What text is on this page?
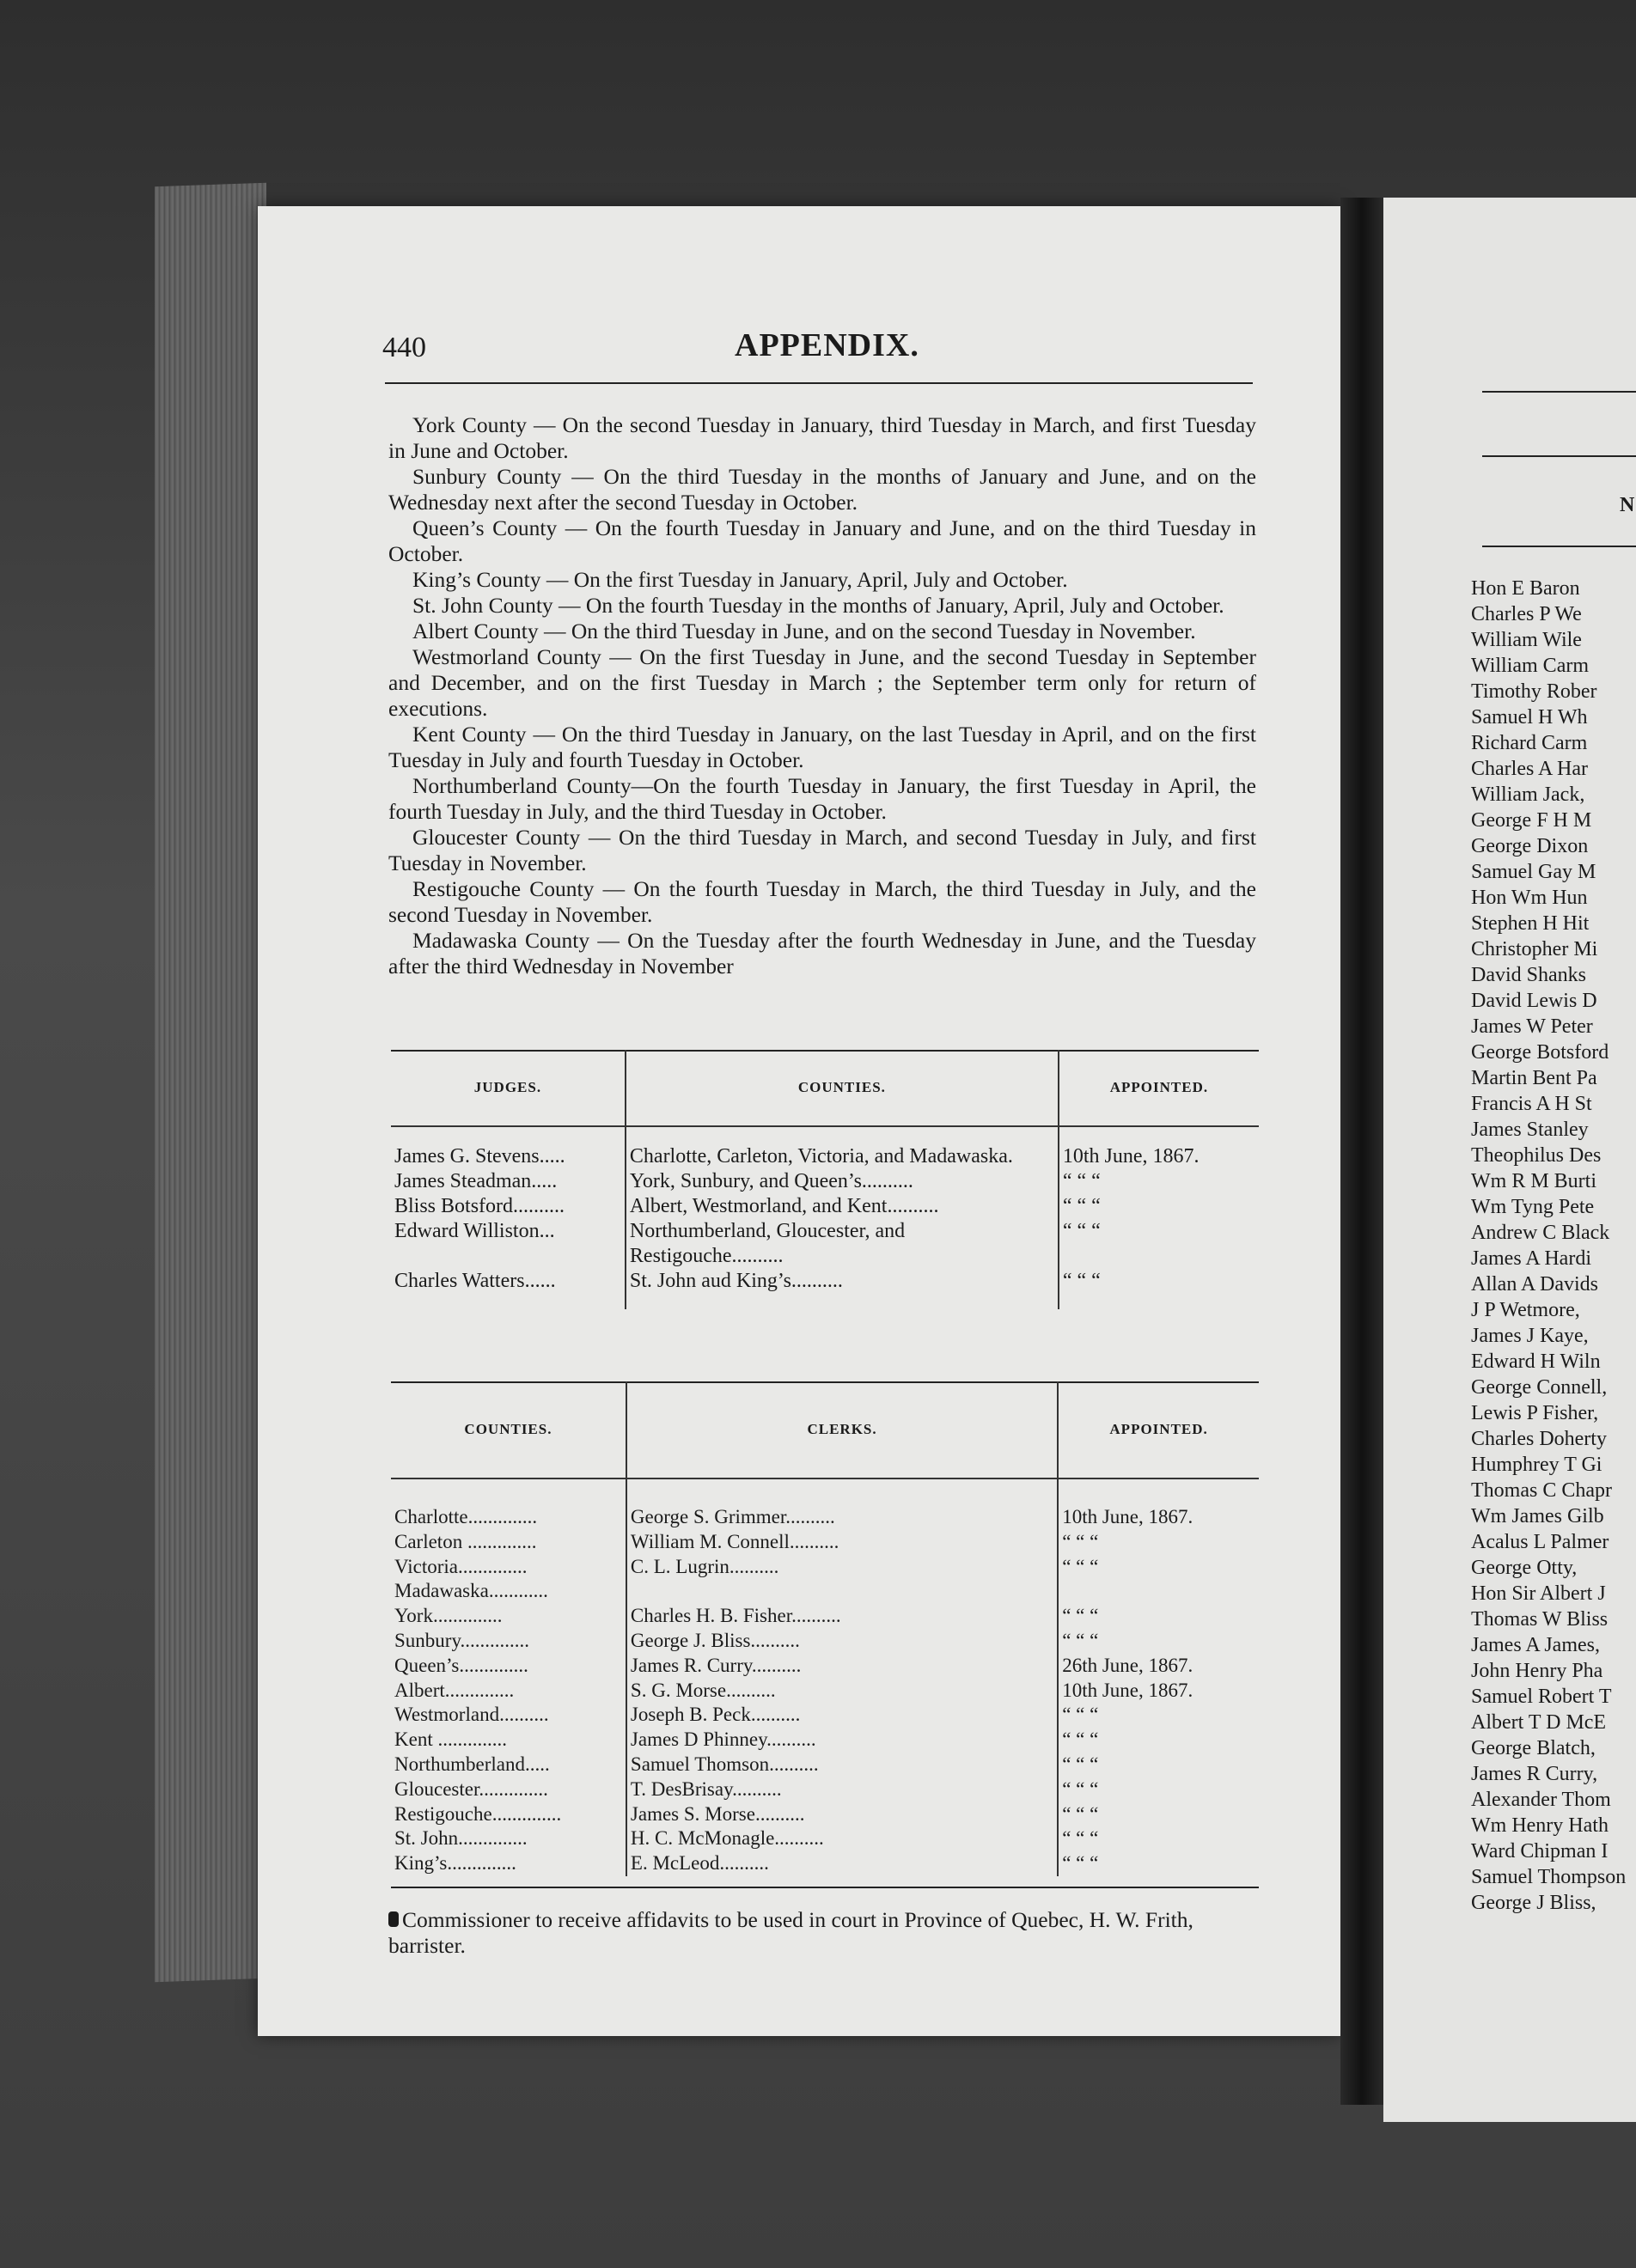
440	APPENDIX.

York County — On the second Tuesday in January, third Tuesday in March, and first Tuesday in June and October.

Sunbury County — On the third Tuesday in the months of January and June, and on the Wednesday next after the second Tuesday in October.

Queen’s County — On the fourth Tuesday in January and June, and on the third Tuesday in October.

King’s County — On the first Tuesday in January, April, July and October.

St. John County — On the fourth Tuesday in the months of January, April, July and October.

Albert County — On the third Tuesday in June, and on the second Tuesday in November.

Westmorland County — On the first Tuesday in June, and the second Tuesday in September and December, and on the first Tuesday in March ; the September term only for return of executions.

Kent County — On the third Tuesday in January, on the last Tuesday in April, and on the first Tuesday in July and fourth Tuesday in October.

Northumberland County—On the fourth Tuesday in January, the first Tuesday in April, the fourth Tuesday in July, and the third Tuesday in October.

Gloucester County — On the third Tuesday in March, and second Tuesday in July, and first Tuesday in November.

Restigouche County — On the fourth Tuesday in March, the third Tuesday in July, and the second Tuesday in November.

Madawaska County — On the Tuesday after the fourth Wednesday in June, and the Tuesday after the third Wednesday in November

JUDGES.	COUNTIES.	APPOINTED.
James G. Stevens.....	Charlotte, Carleton, Victoria, and Madawaska.	10th June, 1867.
James Steadman.....	York, Sunbury, and Queen’s..........	“ “ “
Bliss Botsford..........	Albert, Westmorland, and Kent..........	“ “ “
Edward Williston...	Northumberland, Gloucester, and Restigouche..........	“ “ “
Charles Watters......	St. John aud King’s..........	“ “ “
COUNTIES.	CLERKS.	APPOINTED.
Charlotte..............	George S. Grimmer..........	10th June, 1867.
Carleton ..............	William M. Connell..........	“ “ “
Victoria..............	C. L. Lugrin..........	“ “ “
Madawaska............		
York..............	Charles H. B. Fisher..........	“ “ “
Sunbury..............	George J. Bliss..........	“ “ “
Queen’s..............	James R. Curry..........	26th June, 1867.
Albert..............	S. G. Morse..........	10th June, 1867.
Westmorland..........	Joseph B. Peck..........	“ “ “
Kent ..............	James D Phinney..........	“ “ “
Northumberland.....	Samuel Thomson..........	“ “ “
Gloucester..............	T. DesBrisay..........	“ “ “
Restigouche..............	James S. Morse..........	“ “ “
St. John..............	H. C. McMonagle..........	“ “ “
King’s..............	E. McLeod..........	“ “ “
Commissioner to receive affidavits to be used in court in Province of Quebec, H. W. Frith, barrister.
N
Hon E Baron
Charles P We
William Wile
William Carm
Timothy Rober
Samuel H Wh
Richard Carm
Charles A Har
William Jack,
George F H M
George Dixon
Samuel Gay M
Hon Wm Hun
Stephen H Hit
Christopher Mi
David Shanks
David Lewis D
James W Peter
George Botsford
Martin Bent Pa
Francis A H St
James Stanley
Theophilus Des
Wm R M Burti
Wm Tyng Pete
Andrew C Black
James A Hardi
Allan A Davids
J P Wetmore,
James J Kaye,
Edward H Wiln
George Connell,
Lewis P Fisher,
Charles Doherty
Humphrey T Gi
Thomas C Chapr
Wm James Gilb
Acalus L Palmer
George Otty,
Hon Sir Albert J
Thomas W Bliss
James A James,
John Henry Pha
Samuel Robert T
Albert T D McE
George Blatch,
James R Curry,
Alexander Thom
Wm Henry Hath
Ward Chipman I
Samuel Thompson
George J Bliss,
